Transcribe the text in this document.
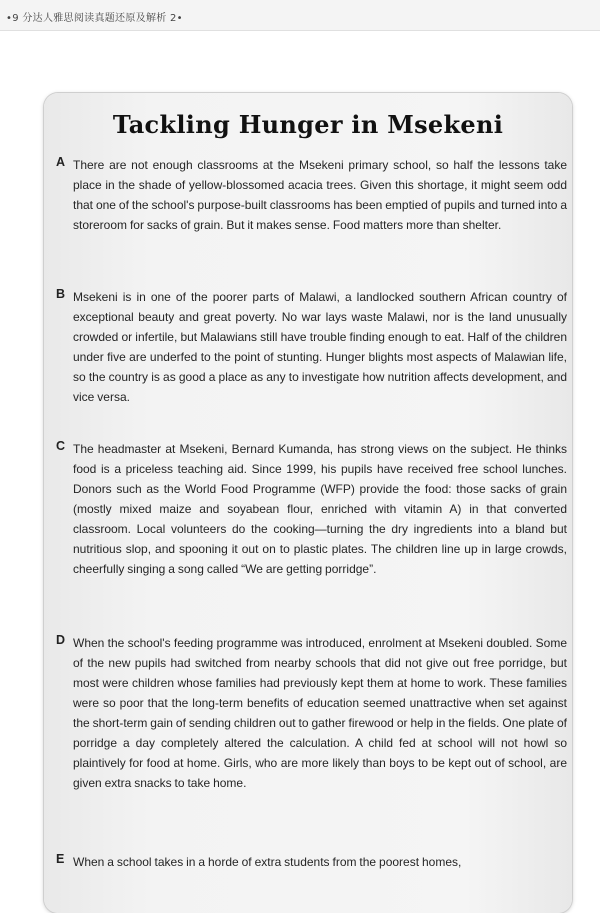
•9 分达人雅思阅读真题还原及解析 2•
Tackling Hunger in Msekeni
A There are not enough classrooms at the Msekeni primary school, so half the lessons take place in the shade of yellow-blossomed acacia trees. Given this shortage, it might seem odd that one of the school's purpose-built classrooms has been emptied of pupils and turned into a storeroom for sacks of grain. But it makes sense. Food matters more than shelter.
B Msekeni is in one of the poorer parts of Malawi, a landlocked southern African country of exceptional beauty and great poverty. No war lays waste Malawi, nor is the land unusually crowded or infertile, but Malawians still have trouble finding enough to eat. Half of the children under five are underfed to the point of stunting. Hunger blights most aspects of Malawian life, so the country is as good a place as any to investigate how nutrition affects development, and vice versa.
C The headmaster at Msekeni, Bernard Kumanda, has strong views on the subject. He thinks food is a priceless teaching aid. Since 1999, his pupils have received free school lunches. Donors such as the World Food Programme (WFP) provide the food: those sacks of grain (mostly mixed maize and soyabean flour, enriched with vitamin A) in that converted classroom. Local volunteers do the cooking—turning the dry ingredients into a bland but nutritious slop, and spooning it out on to plastic plates. The children line up in large crowds, cheerfully singing a song called “We are getting porridge”.
D When the school's feeding programme was introduced, enrolment at Msekeni doubled. Some of the new pupils had switched from nearby schools that did not give out free porridge, but most were children whose families had previously kept them at home to work. These families were so poor that the long-term benefits of education seemed unattractive when set against the short-term gain of sending children out to gather firewood or help in the fields. One plate of porridge a day completely altered the calculation. A child fed at school will not howl so plaintively for food at home. Girls, who are more likely than boys to be kept out of school, are given extra snacks to take home.
E When a school takes in a horde of extra students from the poorest homes,
